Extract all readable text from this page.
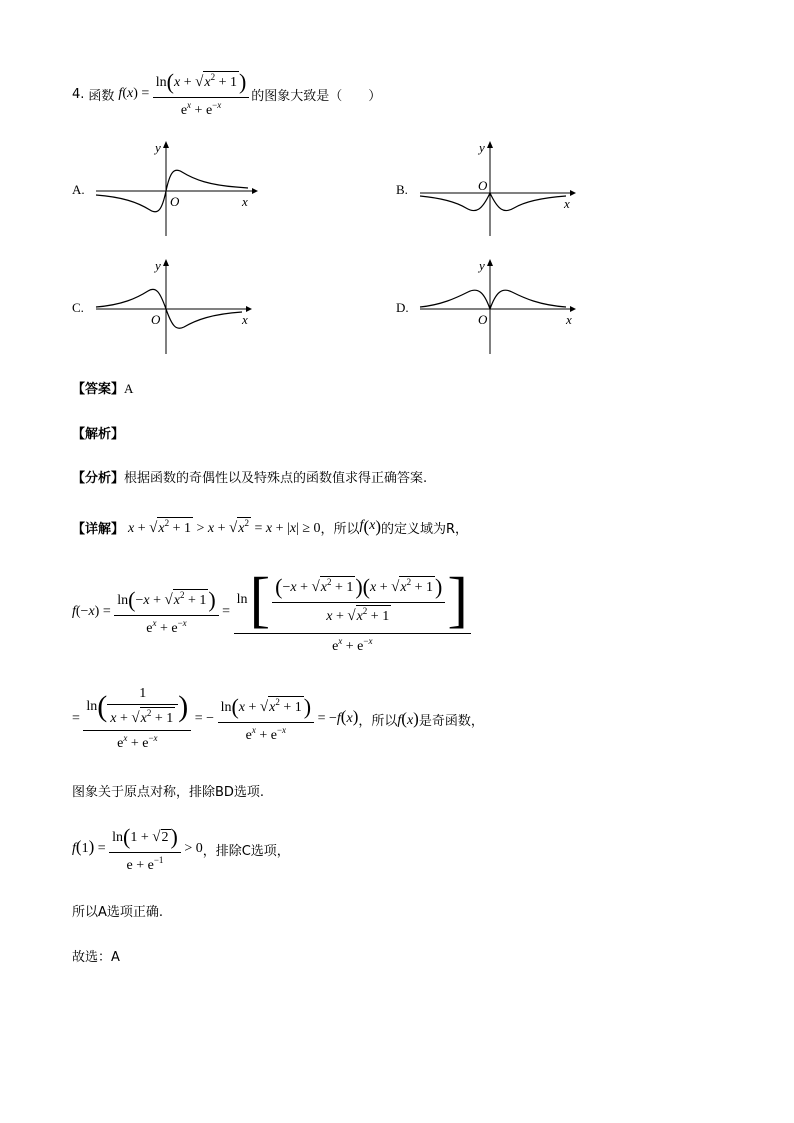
4. 函数 $f(x) = \frac{\ln(x + √x^2 + 1)}{e^x + e^{-x}}$ 的图象大致是（　　）
A.	B.
C.	D.
y
x
O
y
x
O
y
x
O
y
x
O
【答案】A
【解析】
【分析】根据函数的奇偶性以及特殊点的函数值求得正确答案.
【详解】 $x + √x^2 + 1 > x + √x^2 = x + |x| \ge 0$ ，所以 f(x) 的定义域为R，
$f(-x) = \frac{\ln(-x + √x^2 + 1)}{e^x + e^{-x}}$ =
ln [ $\frac{(-x + √x^2 + 1)(x + √x^2 + 1)}{x + √x^2 + 1}$ ]
$e^x + e^{-x}$
= $\frac{\ln ( \frac{1}{x + √x^2 + 1} )}{e^x + e^{-x}}$ = − $\frac{\ln(x + √x^2 + 1)}{e^x + e^{-x}} = -f(x)$ ，所以 f(x) 是奇函数，
图象关于原点对称，排除BD选项.
$f(1) = \frac{\ln(1 + √2)}{e + e^{-1}} > 0$ ，排除C选项，
所以A选项正确.
故选：A
